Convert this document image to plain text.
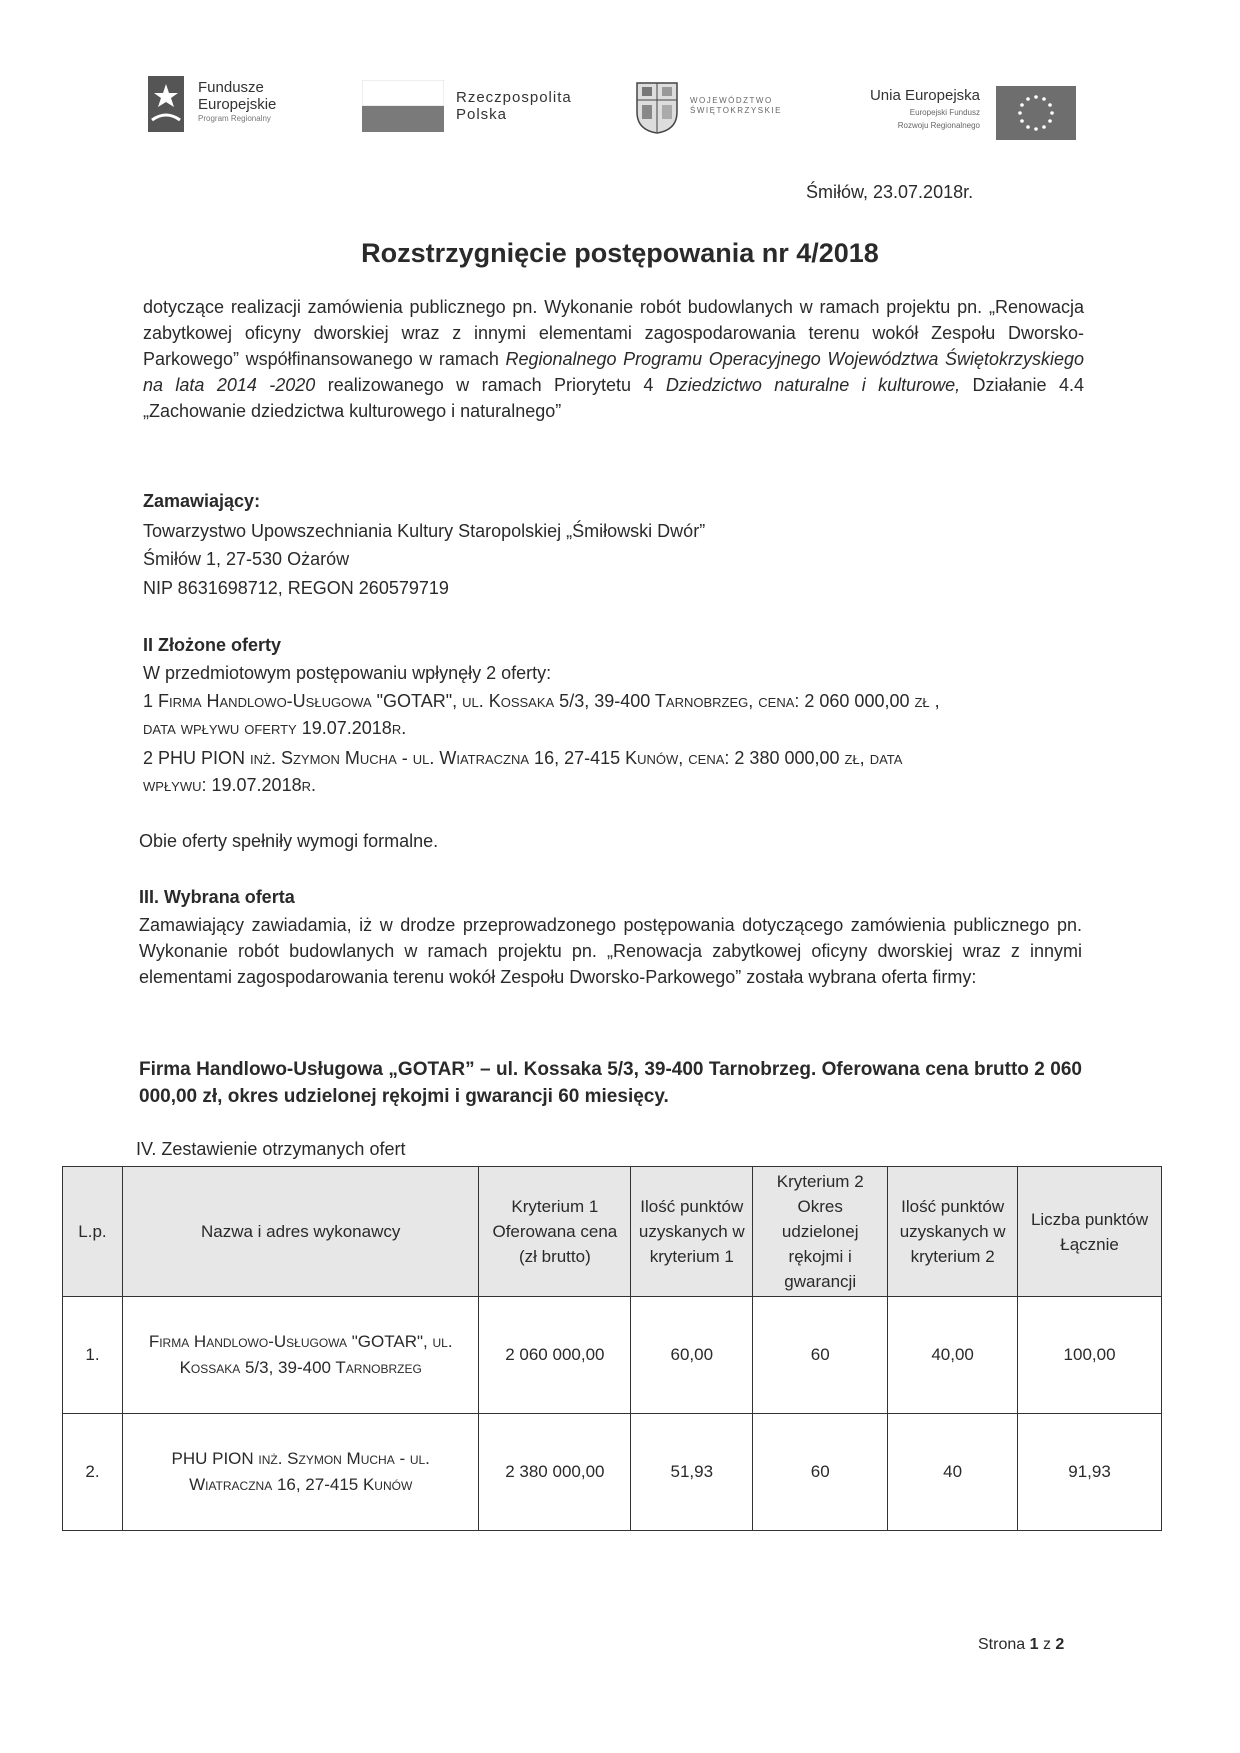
Fundusze
Europejskie
Program Regionalny
Rzeczpospolita
Polska
WOJEWÓDZTWO
ŚWIĘTOKRZYSKIE
Unia Europejska
Europejski Fundusz
Rozwoju Regionalnego
Śmiłów, 23.07.2018r.
Rozstrzygnięcie postępowania nr 4/2018
dotyczące realizacji zamówienia publicznego pn. Wykonanie robót budowlanych w ramach projektu pn. „Renowacja zabytkowej oficyny dworskiej wraz z innymi elementami zagospodarowania terenu wokół Zespołu Dworsko-Parkowego” współfinansowanego w ramach Regionalnego Programu Operacyjnego Województwa Świętokrzyskiego na lata 2014 -2020 realizowanego w ramach Priorytetu 4 Dziedzictwo naturalne i kulturowe, Działanie 4.4 „Zachowanie dziedzictwa kulturowego i naturalnego”
Zamawiający:
Towarzystwo Upowszechniania Kultury Staropolskiej „Śmiłowski Dwór”
Śmiłów 1, 27-530 Ożarów
NIP 8631698712, REGON 260579719
II Złożone oferty
W przedmiotowym postępowaniu wpłynęły 2 oferty:
1 Firma Handlowo-Usługowa "GOTAR", ul. Kossaka 5/3, 39-400 Tarnobrzeg, cena: 2 060 000,00 zł ,
data wpływu oferty 19.07.2018r.
2 PHU PION inż. Szymon Mucha - ul. Wiatraczna 16, 27-415 Kunów, cena: 2 380 000,00 zł, data
wpływu: 19.07.2018r.
Obie oferty spełniły wymogi formalne.
III. Wybrana oferta
Zamawiający zawiadamia, iż w drodze przeprowadzonego postępowania dotyczącego zamówienia publicznego pn. Wykonanie robót budowlanych w ramach projektu pn. „Renowacja zabytkowej oficyny dworskiej wraz z innymi elementami zagospodarowania terenu wokół Zespołu Dworsko-Parkowego” została wybrana oferta firmy:
Firma Handlowo-Usługowa „GOTAR” – ul. Kossaka 5/3, 39-400 Tarnobrzeg. Oferowana cena brutto 2 060 000,00 zł, okres udzielonej rękojmi i gwarancji 60 miesięcy.
IV. Zestawienie otrzymanych ofert
L.p.	Nazwa i adres wykonawcy	Kryterium 1 Oferowana cena (zł brutto)	Ilość punktów uzyskanych w kryterium 1	Kryterium 2 Okres udzielonej rękojmi i gwarancji	Ilość punktów uzyskanych w kryterium 2	Liczba punktów Łącznie
1.	Firma Handlowo-Usługowa "GOTAR", ul. Kossaka 5/3, 39-400 Tarnobrzeg	2 060 000,00	60,00	60	40,00	100,00
2.	PHU PION inż. Szymon Mucha - ul. Wiatraczna 16, 27-415 Kunów	2 380 000,00	51,93	60	40	91,93
Strona 1 z 2
